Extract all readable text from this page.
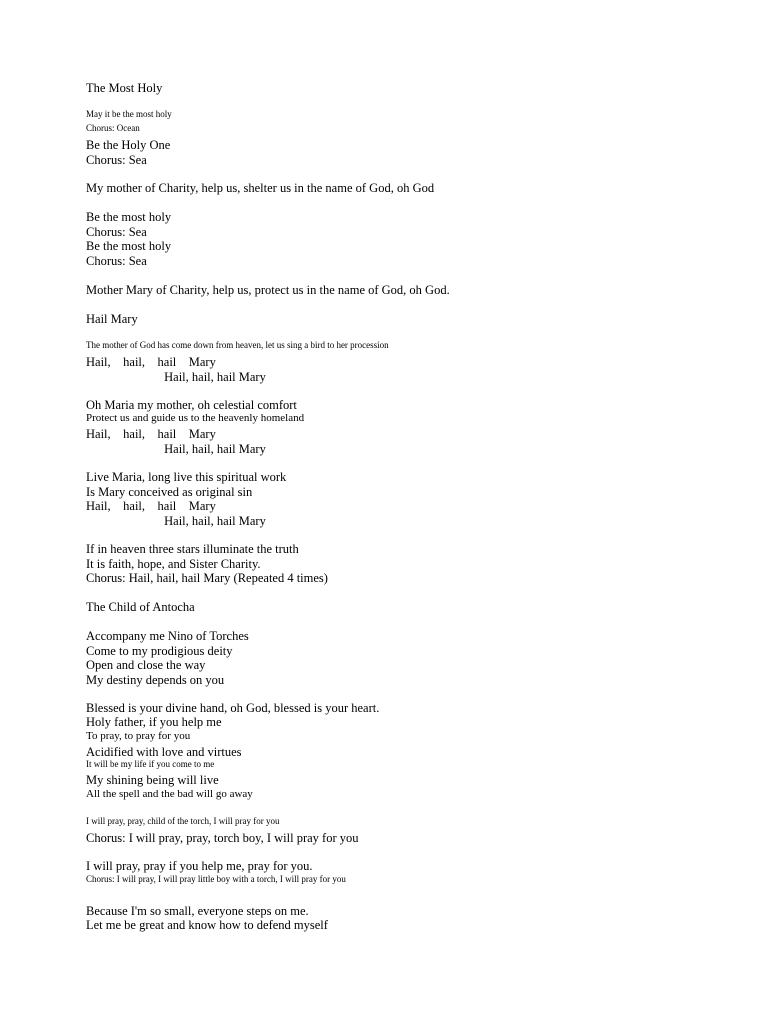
The Most Holy
May it be the most holy
Chorus: Ocean
Be the Holy One
Chorus: Sea
My mother of Charity, help us, shelter us in the name of God, oh God
Be the most holy
Chorus: Sea
Be the most holy
Chorus: Sea
Mother Mary of Charity, help us, protect us in the name of God, oh God.
Hail Mary
The mother of God has come down from heaven, let us sing a bird to her procession
Hail,    hail,    hail    Mary
Hail, hail, hail Mary
Oh Maria my mother, oh celestial comfort
Protect us and guide us to the heavenly homeland
Hail,    hail,    hail    Mary
Hail, hail, hail Mary
Live Maria, long live this spiritual work
Is Mary conceived as original sin
Hail,    hail,    hail    Mary
Hail, hail, hail Mary
If in heaven three stars illuminate the truth
It is faith, hope, and Sister Charity.
Chorus: Hail, hail, hail Mary (Repeated 4 times)
The Child of Antocha
Accompany me Nino of Torches
Come to my prodigious deity
Open and close the way
My destiny depends on you
Blessed is your divine hand, oh God, blessed is your heart.
Holy father, if you help me
To pray, to pray for you
Acidified with love and virtues
It will be my life if you come to me
My shining being will live
All the spell and the bad will go away
I will pray, pray, child of the torch, I will pray for you
Chorus: I will pray, pray, torch boy, I will pray for you
I will pray, pray if you help me, pray for you.
Chorus: I will pray, I will pray little boy with a torch, I will pray for you
Because I'm so small, everyone steps on me.
Let me be great and know how to defend myself
